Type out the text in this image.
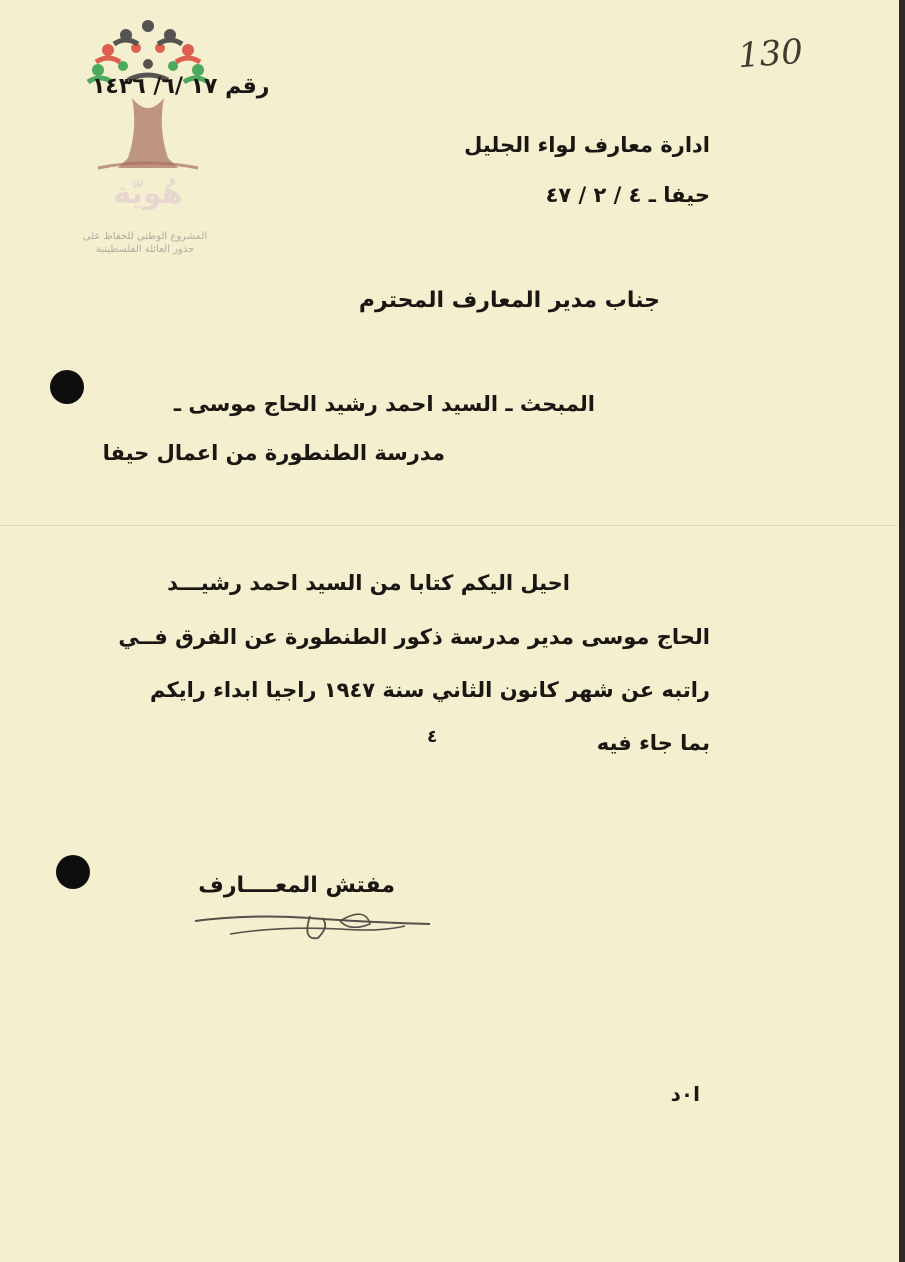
هُويّة
المشروع الوطني للحفاظ على
جذور العائلة الفلسطينية
130
رقم ١٧ /٦/ ١٤٣٦
ادارة معارف لواء الجليل
حيفا ـ ٤ / ٢ / ٤٧
جناب مدير المعارف المحترم
المبحث ـ السيد احمد رشيد الحاج موسى ـ
مدرسة الطنطورة من اعمال حيفا
احيل اليكم كتابا من السيد احمد رشيـــد
الحاج موسى مدير مدرسة ذكور الطنطورة عن الفرق فــي
راتبه عن شهر كانون الثاني سنة ١٩٤٧ راجيا ابداء رايكم
بما جاء فيه
٤
مفتش المعــــارف
ا٠د
